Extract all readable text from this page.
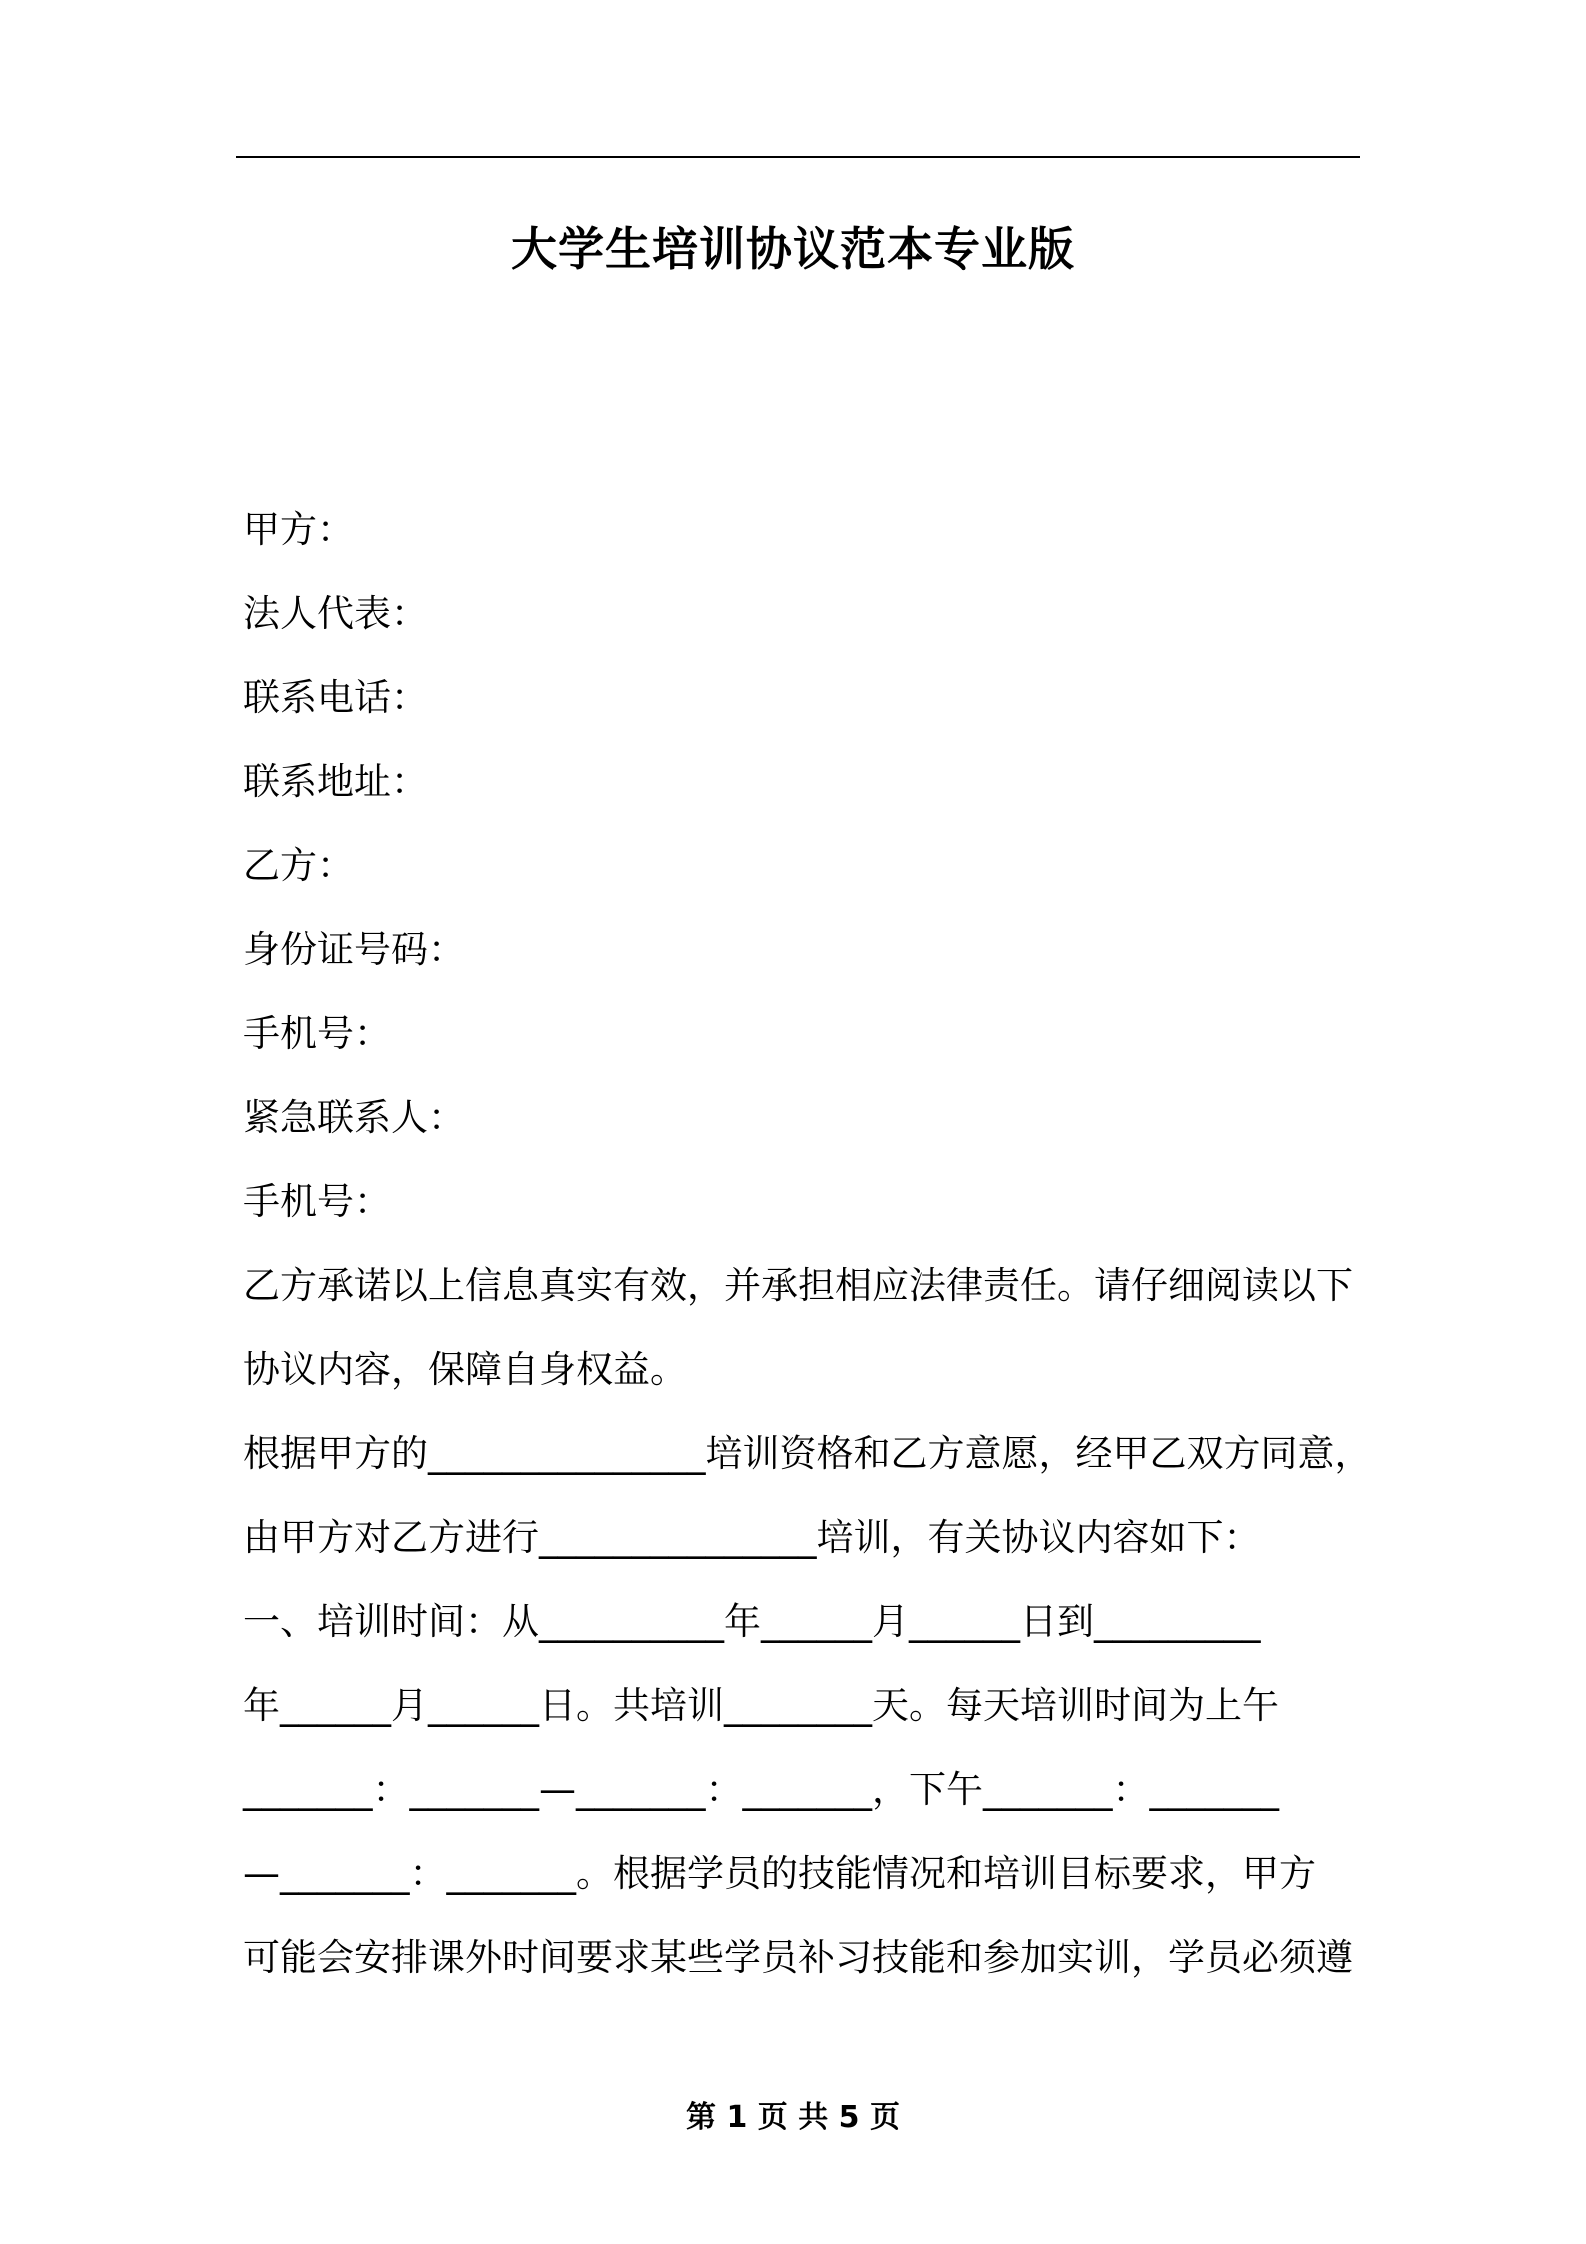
大学生培训协议范本专业版
甲方：
法人代表：
联系电话：
联系地址：
乙方：
身份证号码：
手机号：
紧急联系人：
手机号：
乙方承诺以上信息真实有效，并承担相应法律责任。请仔细阅读以下
协议内容，保障自身权益。
根据甲方的_______________培训资格和乙方意愿，经甲乙双方同意，
由甲方对乙方进行_______________培训，有关协议内容如下：
一、培训时间：从__________年______月______日到_________
年______月______日。共培训________天。每天培训时间为上午
_______：_______—_______：_______，下午_______：_______
—_______：_______。根据学员的技能情况和培训目标要求，甲方
可能会安排课外时间要求某些学员补习技能和参加实训，学员必须遵
第 1 页 共 5 页
